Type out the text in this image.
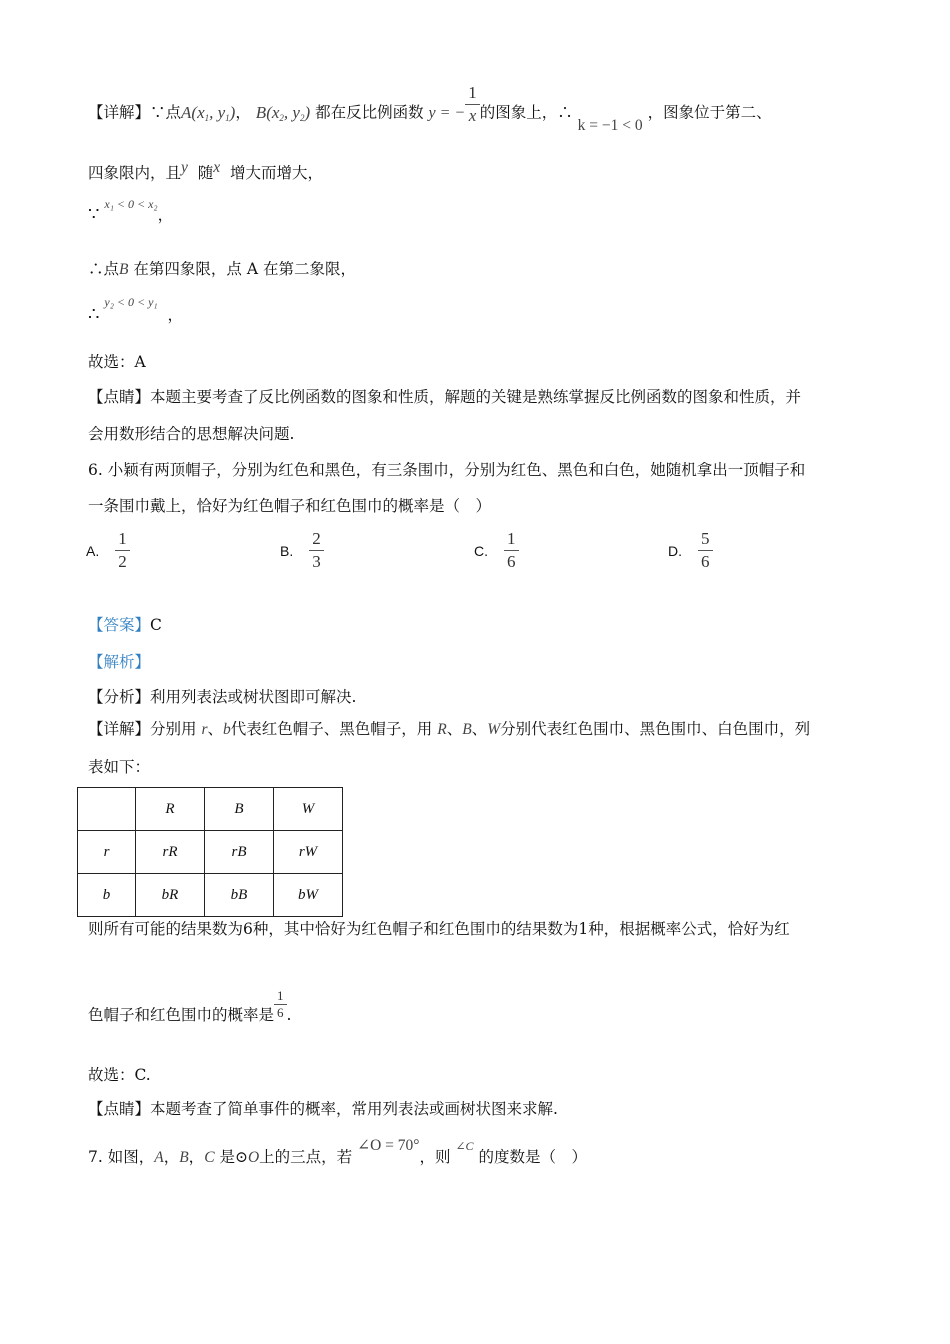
【详解】∵点$A(x_1$, $y_1$)， $B(x_2$, $y_2$) 都在反比例函数 y = − $\frac{1}{x}$ 的图象上，∴ k = −1 < 0 ，图象位于第二、
四象限内，且y 随x 增大而增大，
∵ $^{x_1 < 0 < x_2}$，
∴点B 在第四象限，点 A 在第二象限，
∴ $^{y_2 < 0 < y_1}$  ，
故选：A
【点睛】本题主要考查了反比例函数的图象和性质，解题的关键是熟练掌握反比例函数的图象和性质，并
会用数形结合的思想解决问题.
6. 小颖有两顶帽子，分别为红色和黑色，有三条围巾，分别为红色、黑色和白色，她随机拿出一顶帽子和
一条围巾戴上，恰好为红色帽子和红色围巾的概率是（　）
A. $\frac{1}{2}$	B. $\frac{2}{3}$	C. $\frac{1}{6}$	D. $\frac{5}{6}$
【答案】C
【解析】
【分析】利用列表法或树状图即可解决.
【详解】分别用 r、b代表红色帽子、黑色帽子，用 R、B、W分别代表红色围巾、黑色围巾、白色围巾，列
表如下：
	R	B	W
r	rR	rB	rW
b	bR	bB	bW
则所有可能的结果数为6种，其中恰好为红色帽子和红色围巾的结果数为1种，根据概率公式，恰好为红
色帽子和红色围巾的概率是 $\frac{1}{6}$ .
故选：C.
【点睛】本题考查了简单事件的概率，常用列表法或画树状图来求解.
7. 如图，A，B，C 是⊙O上的三点，若 ∠O = 70°，则 $^{\angle C}$ 的度数是（　）
